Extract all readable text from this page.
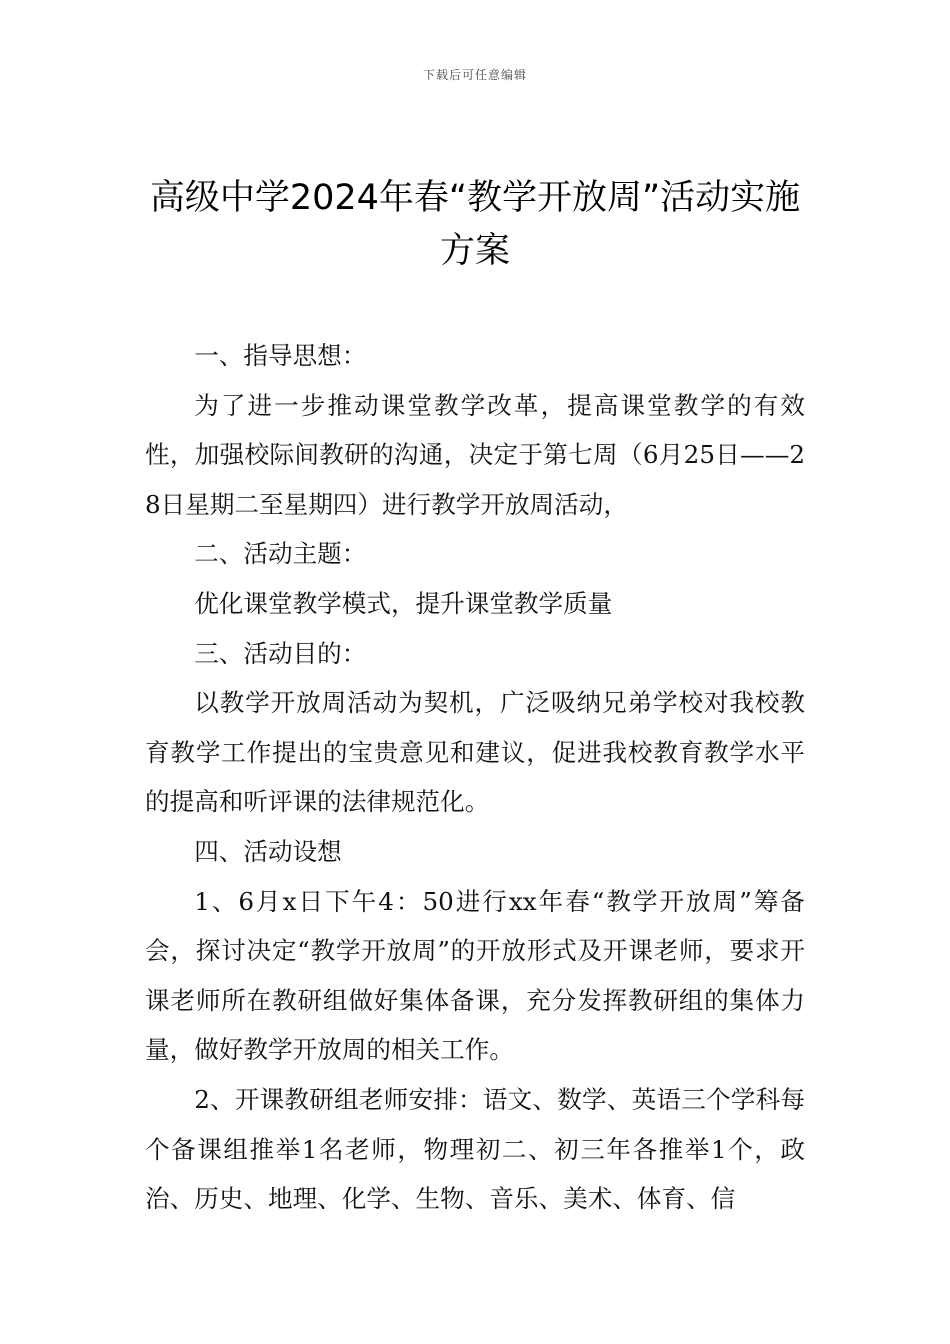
下载后可任意编辑
高级中学2024年春“教学开放周”活动实施方案

一、指导思想：

为了进一步推动课堂教学改革，提高课堂教学的有效性，加强校际间教研的沟通，决定于第七周（6月25日——28日星期二至星期四）进行教学开放周活动，

二、活动主题：

优化课堂教学模式，提升课堂教学质量

三、活动目的：

以教学开放周活动为契机，广泛吸纳兄弟学校对我校教育教学工作提出的宝贵意见和建议，促进我校教育教学水平的提高和听评课的法律规范化。

四、活动设想

1、6月x日下午4：50进行xx年春“教学开放周”筹备会，探讨决定“教学开放周”的开放形式及开课老师，要求开课老师所在教研组做好集体备课，充分发挥教研组的集体力量，做好教学开放周的相关工作。

2、开课教研组老师安排：语文、数学、英语三个学科每个备课组推举1名老师，物理初二、初三年各推举1个，政治、历史、地理、化学、生物、音乐、美术、体育、信
